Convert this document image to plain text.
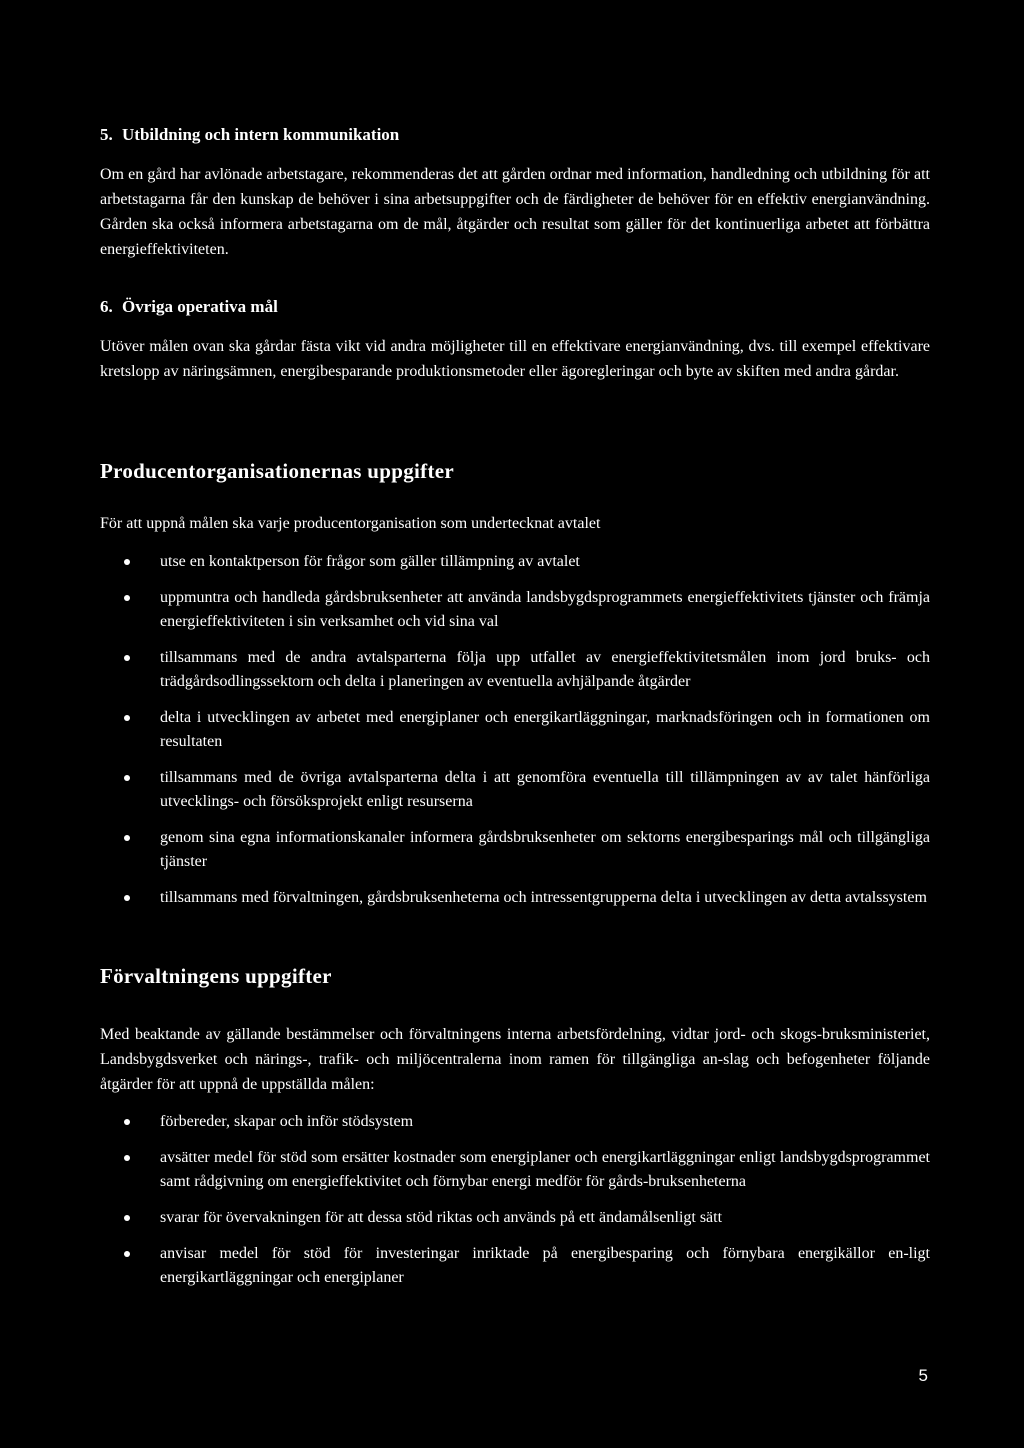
5. Utbildning och intern kommunikation

Om en gård har avlönade arbetstagare, rekommenderas det att gården ordnar med information, handledning och utbildning för att arbetstagarna får den kunskap de behöver i sina arbetsuppgifter och de färdigheter de behöver för en effektiv energianvändning. Gården ska också informera arbetstagarna om de mål, åtgärder och resultat som gäller för det kontinuerliga arbetet att förbättra energieffektiviteten.

6. Övriga operativa mål

Utöver målen ovan ska gårdar fästa vikt vid andra möjligheter till en effektivare energianvändning, dvs. till exempel effektivare kretslopp av näringsämnen, energibesparande produktionsmetoder eller ägoregleringar och byte av skiften med andra gårdar.

Producentorganisationernas uppgifter

För att uppnå målen ska varje producentorganisation som undertecknat avtalet

utse en kontaktperson för frågor som gäller tillämpning av avtalet
uppmuntra och handleda gårdsbruksenheter att använda landsbygdsprogrammets energieffektivitets tjänster och främja energieffektiviteten i sin verksamhet och vid sina val
tillsammans med de andra avtalsparterna följa upp utfallet av energieffektivitetsmålen inom jord bruks- och trädgårdsodlingssektorn och delta i planeringen av eventuella avhjälpande åtgärder
delta i utvecklingen av arbetet med energiplaner och energikartläggningar, marknadsföringen och in formationen om resultaten
tillsammans med de övriga avtalsparterna delta i att genomföra eventuella till tillämpningen av av talet hänförliga utvecklings- och försöksprojekt enligt resurserna
genom sina egna informationskanaler informera gårdsbruksenheter om sektorns energibesparings mål och tillgängliga tjänster
tillsammans med förvaltningen, gårdsbruksenheterna och intressentgrupperna delta i utvecklingen av detta avtalssystem
Förvaltningens uppgifter

Med beaktande av gällande bestämmelser och förvaltningens interna arbetsfördelning, vidtar jord- och skogs-bruksministeriet, Landsbygdsverket och närings-, trafik- och miljöcentralerna inom ramen för tillgängliga an-slag och befogenheter följande åtgärder för att uppnå de uppställda målen:

förbereder, skapar och inför stödsystem
avsätter medel för stöd som ersätter kostnader som energiplaner och energikartläggningar enligt landsbygdsprogrammet samt rådgivning om energieffektivitet och förnybar energi medför för gårds-bruksenheterna
svarar för övervakningen för att dessa stöd riktas och används på ett ändamålsenligt sätt
anvisar medel för stöd för investeringar inriktade på energibesparing och förnybara energikällor en-ligt energikartläggningar och energiplaner
5
